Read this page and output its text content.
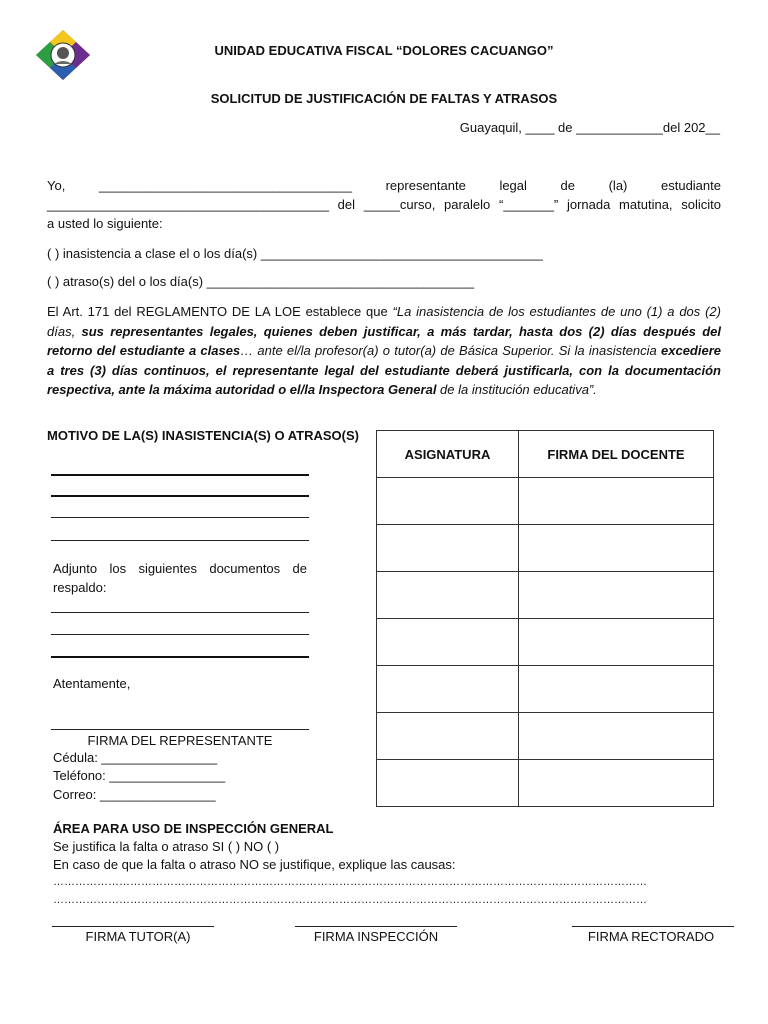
UNIDAD EDUCATIVA FISCAL “DOLORES CACUANGO”
SOLICITUD DE JUSTIFICACIÓN DE FALTAS Y ATRASOS
Guayaquil, ____ de ____________del 202__
Yo, ___________________________________ representante legal de (la) estudiante
_______________________________________ del _____curso, paralelo “_______” jornada matutina, solicito
a usted lo siguiente:
( ) inasistencia a clase el o los día(s) _______________________________________
( ) atraso(s) del o los día(s) _____________________________________
El Art. 171 del REGLAMENTO DE LA LOE establece que “La inasistencia de los estudiantes de uno (1) a dos (2) días, sus representantes legales, quienes deben justificar, a más tardar, hasta dos (2) días después del retorno del estudiante a clases… ante el/la profesor(a) o tutor(a) de Básica Superior. Si la inasistencia excediere a tres (3) días continuos, el representante legal del estudiante deberá justificarla, con la documentación respectiva, ante la máxima autoridad o el/la Inspectora General de la institución educativa”.
MOTIVO DE LA(S) INASISTENCIA(S) O ATRASO(S)
Adjunto los siguientes documentos de respaldo:
Atentamente,
FIRMA DEL REPRESENTANTE
Cédula: ________________
Teléfono: ________________
Correo: ________________
ASIGNATURA	FIRMA DEL DOCENTE

ÁREA PARA USO DE INSPECCIÓN GENERAL
Se justifica la falta o atraso SI ( ) NO ( )
En caso de que la falta o atraso NO se justifique, explique las causas:
………………………………………………………………………………………………………………………………………………
………………………………………………………………………………………………………………………………………………
FIRMA TUTOR(A)	FIRMA INSPECCIÓN	FIRMA RECTORADO
